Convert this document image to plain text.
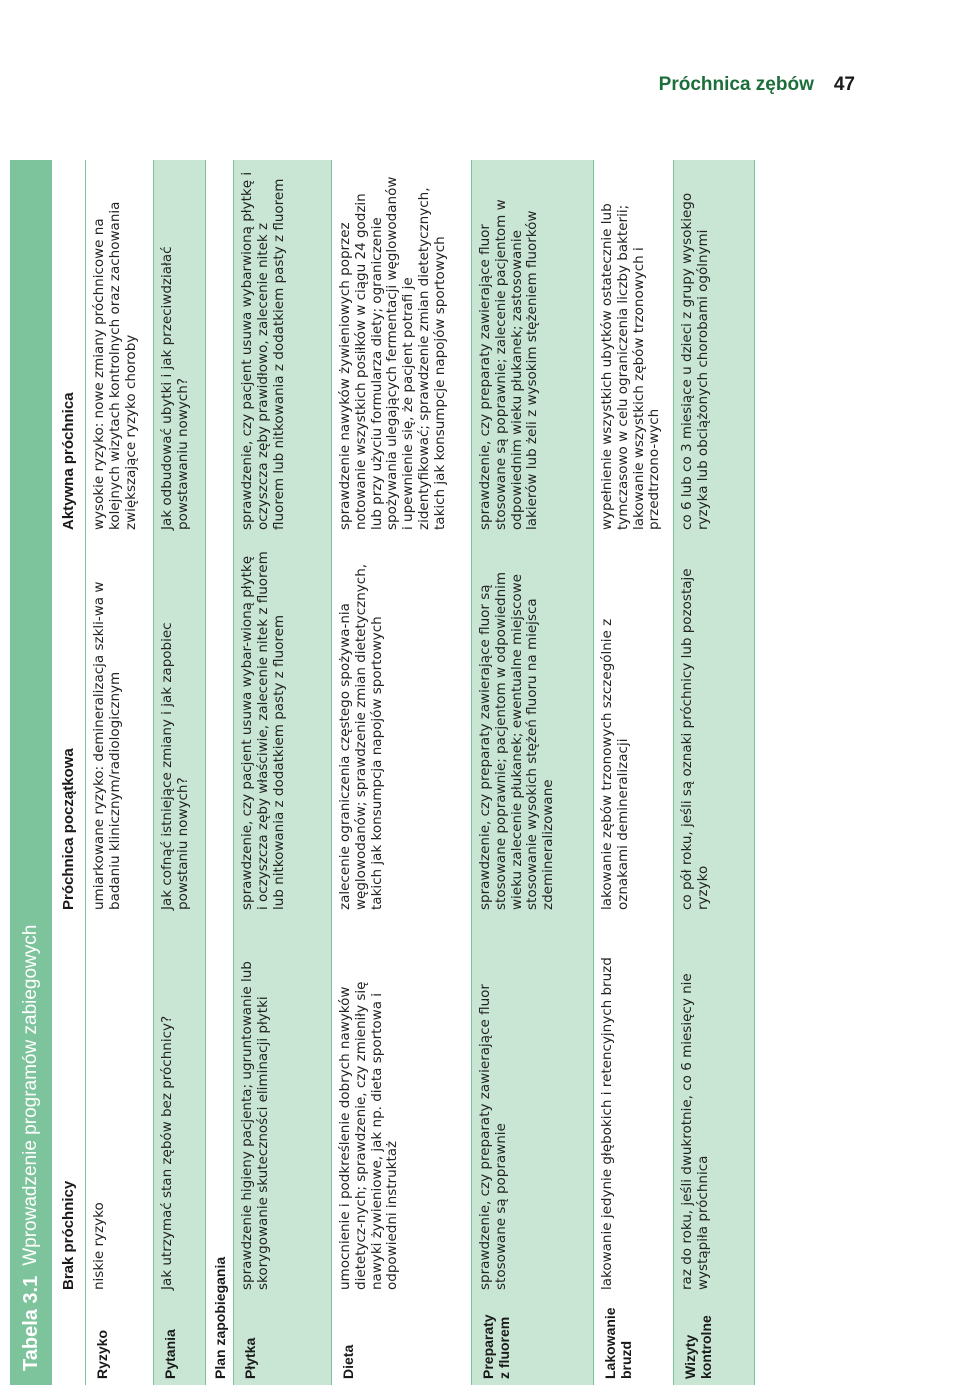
Próchnica zębów 47
Tabela 3.1
Wprowadzenie programów zabiegowych Brak próchnicy
Próchnica początkowa
Aktywna próchnica
Ryzyko
niskie ryzyko
umiarkowane ryzyko: demineralizacja szkli-wa w badaniu klinicznym/radiologicznym
wysokie ryzyko: nowe zmiany próchnicowe na kolejnych wizytach kontrolnych oraz zachowania zwiększające ryzyko choroby
Pytania
Jak utrzymać stan zębów bez próchnicy?
Jak cofnąć istniejące zmiany i jak zapobiec powstaniu nowych?
Jak odbudować ubytki i jak przeciwdziałać powstawaniu nowych?
Plan zapobiegania	Płytka
sprawdzenie higieny pacjenta; ugruntowanie lub skorygowanie skuteczności eliminacji płytki
sprawdzenie, czy pacjent usuwa wybar-wioną płytkę i oczyszcza zęby właściwie, zalecenie nitek z fluorem lub nitkowania z dodatkiem pasty z fluorem
sprawdzenie, czy pacjent usuwa wybarwioną płytkę i oczyszcza zęby prawidłowo, zalecenie nitek z fluorem lub nitkowania z dodatkiem pasty z fluorem
Dieta
umocnienie i podkreślenie dobrych nawyków dietetycz-nych; sprawdzenie, czy zmieniły się nawyki żywieniowe, jak np. dieta sportowa i odpowiedni instruktaż
zalecenie ograniczenia częstego spożywa-nia węglowodanów; sprawdzenie zmian dietetycznych, takich jak konsumpcja napojów sportowych
sprawdzenie nawyków żywieniowych poprzez notowanie wszystkich posiłków w ciągu 24 godzin lub przy użyciu formularza diety; ograniczenie spożywania ulegających fermentacji węglowodanów i upewnienie się, że pacjent potrafi je zidentyfikować; sprawdzenie zmian dietetycznych, takich jak konsumpcje napojów sportowych
Preparaty z fluorem
sprawdzenie, czy preparaty zawierające fluor stosowane są poprawnie
sprawdzenie, czy preparaty zawierające fluor są stosowane poprawnie; pacjentom w odpowiednim wieku zalecenie płukanek; ewentualne miejscowe stosowanie wysokich stężeń fluoru na miejsca zdemineralizowane
sprawdzenie, czy preparaty zawierające fluor stosowane są poprawnie; zalecenie pacjentom w odpowiednim wieku płukanek; zastosowanie lakierów lub żeli z wysokim stężeniem fluorków
Lakowanie bruzd
lakowanie jedynie głębokich i retencyjnych bruzd
lakowanie zębów trzonowych szczególnie z oznakami demineralizacji
wypełnienie wszystkich ubytków ostatecznie lub tymczasowo w celu ograniczenia liczby bakterii; lakowanie wszystkich zębów trzonowych i przedtrzono-wych
Wizyty kontrolne
raz do roku, jeśli dwukrotnie, co 6 miesięcy nie wystąpiła próchnica
co pół roku, jeśli są oznaki próchnicy lub pozostaje ryzyko
co 6 lub co 3 miesiące u dzieci z grupy wysokiego ryzyka lub obciążonych chorobami ogólnymi
